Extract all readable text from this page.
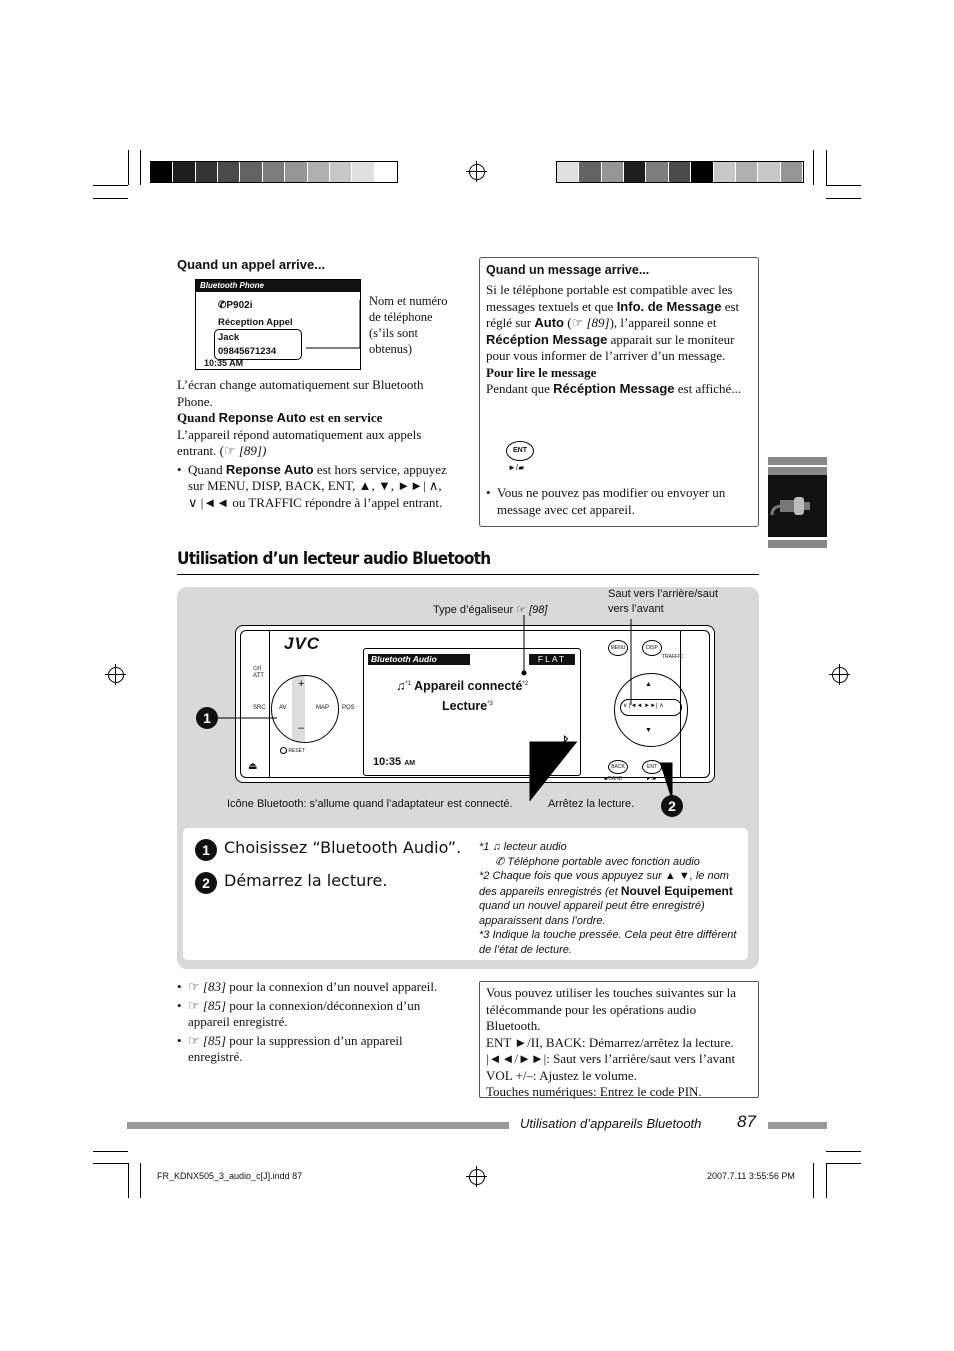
Quand un appel arrive...
Bluetooth Phone
✆P902i
Réception Appel
Jack
09845671234
10:35 AM
Nom et numéro de téléphone (s’ils sont obtenus)
L’écran change automatiquement sur Bluetooth Phone.
Quand Reponse Auto est en service
L’appareil répond automatiquement aux appels entrant. (☞ [89])
• Quand Reponse Auto est hors service, appuyez sur MENU, DISP, BACK, ENT, ▲, ▼, ►►| ∧, ∨ |◄◄ ou TRAFFIC répondre à l’appel entrant.
Quand un message arrive...
Si le téléphone portable est compatible avec les messages textuels et que Info. de Message est réglé sur Auto (☞ [89]), l’appareil sonne et Récéption Message apparait sur le moniteur pour vous informer de l’arriver d’un message.
Pour lire le message
Pendant que Récéption Message est affiché...
ENT
►/▰
• Vous ne pouvez pas modifier ou envoyer un message avec cet appareil.
Utilisation d’un lecteur audio Bluetooth
Type d’égaliseur ☞ [98]
Saut vers l’arrière/saut vers l’avant
JVC
⏏
⏻/I
ATT
SRC	POS
AV	MAP
+
–
RESET
Bluetooth Audio	FLAT
♫$^{*1}$ Appareil connecté$^{*2}$
Lecture$^{*3}$
10:35 AM
MENU	DISP
TRAFFIC
∨ |◄◄ ►►| ∧
▲
▼
BACK	ENT
■/BAND	►/▰
1
2
Icône Bluetooth: s’allume quand l’adaptateur est connecté.	Arrêtez la lecture.
1 Choisissez “Bluetooth Audio”.
2 Démarrez la lecture.
*1 ♫ lecteur audio
✆ Téléphone portable avec fonction audio
*2 Chaque fois que vous appuyez sur ▲ ▼, le nom des appareils enregistrés (et Nouvel Equipement quand un nouvel appareil peut être enregistré) apparaissent dans l’ordre.
*3 Indique la touche pressée. Cela peut être différent de l’état de lecture.
• ☞ [83] pour la connexion d’un nouvel appareil.
• ☞ [85] pour la connexion/déconnexion d’un appareil enregistré.
• ☞ [85] pour la suppression d’un appareil enregistré.
Vous pouvez utiliser les touches suivantes sur la télécommande pour les opérations audio Bluetooth.
ENT ►/II, BACK: Démarrez/arrêtez la lecture.
|◄◄/►►|: Saut vers l’arrière/saut vers l’avant
VOL +/–: Ajustez le volume.
Touches numériques: Entrez le code PIN.
Utilisation d’appareils Bluetooth 87
FR_KDNX505_3_audio_c[J].indd 87	2007.7.11 3:55:56 PM
